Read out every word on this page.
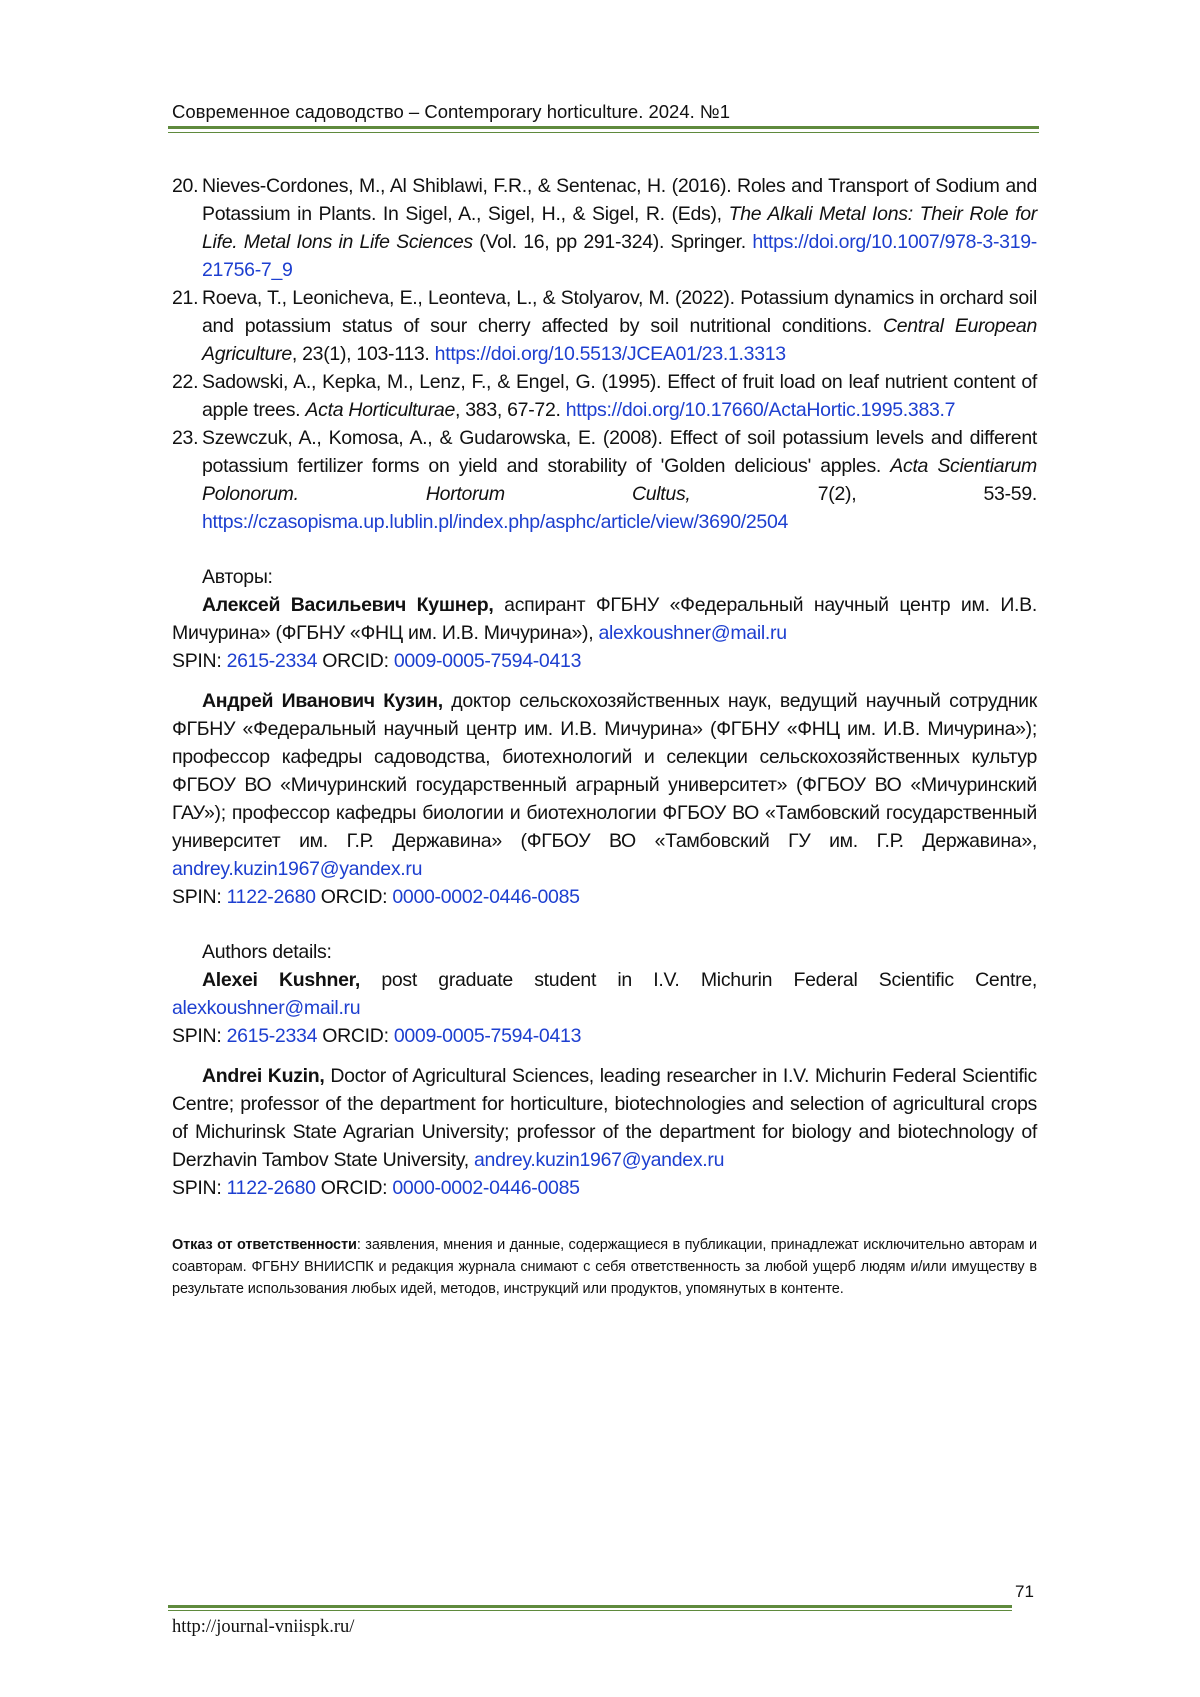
Современное садоводство – Contemporary horticulture. 2024. №1
20. Nieves-Cordones, M., Al Shiblawi, F.R., & Sentenac, H. (2016). Roles and Transport of Sodium and Potassium in Plants. In Sigel, A., Sigel, H., & Sigel, R. (Eds), The Alkali Metal Ions: Their Role for Life. Metal Ions in Life Sciences (Vol. 16, pp 291-324). Springer. https://doi.org/10.1007/978-3-319-21756-7_9
21. Roeva, T., Leonicheva, E., Leonteva, L., & Stolyarov, M. (2022). Potassium dynamics in orchard soil and potassium status of sour cherry affected by soil nutritional conditions. Central European Agriculture, 23(1), 103-113. https://doi.org/10.5513/JCEA01/23.1.3313
22. Sadowski, A., Kepka, M., Lenz, F., & Engel, G. (1995). Effect of fruit load on leaf nutrient content of apple trees. Acta Horticulturae, 383, 67-72. https://doi.org/10.17660/ActaHortic.1995.383.7
23. Szewczuk, A., Komosa, A., & Gudarowska, E. (2008). Effect of soil potassium levels and different potassium fertilizer forms on yield and storability of 'Golden delicious' apples. Acta Scientiarum Polonorum. Hortorum Cultus, 7(2), 53-59. https://czasopisma.up.lublin.pl/index.php/asphc/article/view/3690/2504
Авторы:

Алексей Васильевич Кушнер, аспирант ФГБНУ «Федеральный научный центр им. И.В. Мичурина» (ФГБНУ «ФНЦ им. И.В. Мичурина»), alexkoushner@mail.ru

SPIN: 2615-2334 ORCID: 0009-0005-7594-0413

Андрей Иванович Кузин, доктор сельскохозяйственных наук, ведущий научный сотрудник ФГБНУ «Федеральный научный центр им. И.В. Мичурина» (ФГБНУ «ФНЦ им. И.В. Мичурина»); профессор кафедры садоводства, биотехнологий и селекции сельскохозяйственных культур ФГБОУ ВО «Мичуринский государственный аграрный университет» (ФГБОУ ВО «Мичуринский ГАУ»); профессор кафедры биологии и биотехнологии ФГБОУ ВО «Тамбовский государственный университет им. Г.Р. Державина» (ФГБОУ ВО «Тамбовский ГУ им. Г.Р. Державина», andrey.kuzin1967@yandex.ru

SPIN: 1122-2680 ORCID: 0000-0002-0446-0085
Authors details:

Alexei Kushner, post graduate student in I.V. Michurin Federal Scientific Centre, alexkoushner@mail.ru

SPIN: 2615-2334 ORCID: 0009-0005-7594-0413

Andrei Kuzin, Doctor of Agricultural Sciences, leading researcher in I.V. Michurin Federal Scientific Centre; professor of the department for horticulture, biotechnologies and selection of agricultural crops of Michurinsk State Agrarian University; professor of the department for biology and biotechnology of Derzhavin Tambov State University, andrey.kuzin1967@yandex.ru

SPIN: 1122-2680 ORCID: 0000-0002-0446-0085
Отказ от ответственности: заявления, мнения и данные, содержащиеся в публикации, принадлежат исключительно авторам и соавторам. ФГБНУ ВНИИСПК и редакция журнала снимают с себя ответственность за любой ущерб людям и/или имуществу в результате использования любых идей, методов, инструкций или продуктов, упомянутых в контенте.
71
http://journal-vniispk.ru/
